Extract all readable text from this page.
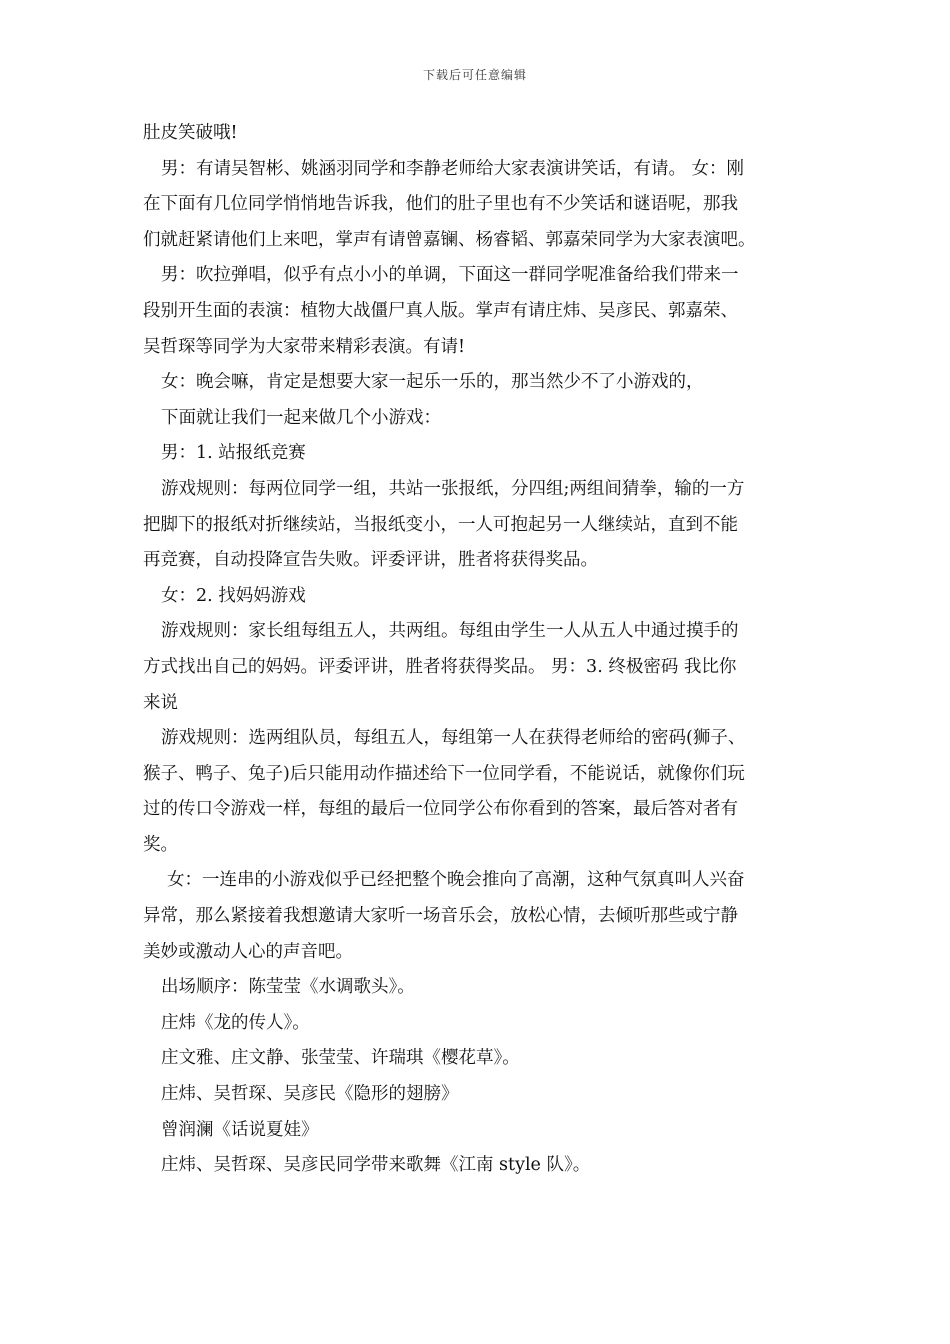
下载后可任意编辑
肚皮笑破哦!
男：有请吴智彬、姚涵羽同学和李静老师给大家表演讲笑话，有请。 女：刚
在下面有几位同学悄悄地告诉我，他们的肚子里也有不少笑话和谜语呢，那我
们就赶紧请他们上来吧，掌声有请曾嘉镧、杨睿韬、郭嘉荣同学为大家表演吧。
男：吹拉弹唱，似乎有点小小的单调，下面这一群同学呢准备给我们带来一
段别开生面的表演：植物大战僵尸真人版。掌声有请庄炜、吴彦民、郭嘉荣、
吴哲琛等同学为大家带来精彩表演。有请!
女：晚会嘛，肯定是想要大家一起乐一乐的，那当然少不了小游戏的，
下面就让我们一起来做几个小游戏：
男：1. 站报纸竞赛
游戏规则：每两位同学一组，共站一张报纸，分四组;两组间猜拳，输的一方
把脚下的报纸对折继续站，当报纸变小，一人可抱起另一人继续站，直到不能
再竞赛，自动投降宣告失败。评委评讲，胜者将获得奖品。
女：2. 找妈妈游戏
游戏规则：家长组每组五人，共两组。每组由学生一人从五人中通过摸手的
方式找出自己的妈妈。评委评讲，胜者将获得奖品。 男：3. 终极密码 我比你
来说
游戏规则：选两组队员，每组五人，每组第一人在获得老师给的密码(狮子、
猴子、鸭子、兔子)后只能用动作描述给下一位同学看，不能说话，就像你们玩
过的传口令游戏一样，每组的最后一位同学公布你看到的答案，最后答对者有
奖。
女：一连串的小游戏似乎已经把整个晚会推向了高潮，这种气氛真叫人兴奋
异常，那么紧接着我想邀请大家听一场音乐会，放松心情，去倾听那些或宁静
美妙或激动人心的声音吧。
出场顺序：陈莹莹《水调歌头》。
庄炜《龙的传人》。
庄文雅、庄文静、张莹莹、许瑞琪《樱花草》。
庄炜、吴哲琛、吴彦民《隐形的翅膀》
曾润澜《话说夏娃》
庄炜、吴哲琛、吴彦民同学带来歌舞《江南 style 队》。
